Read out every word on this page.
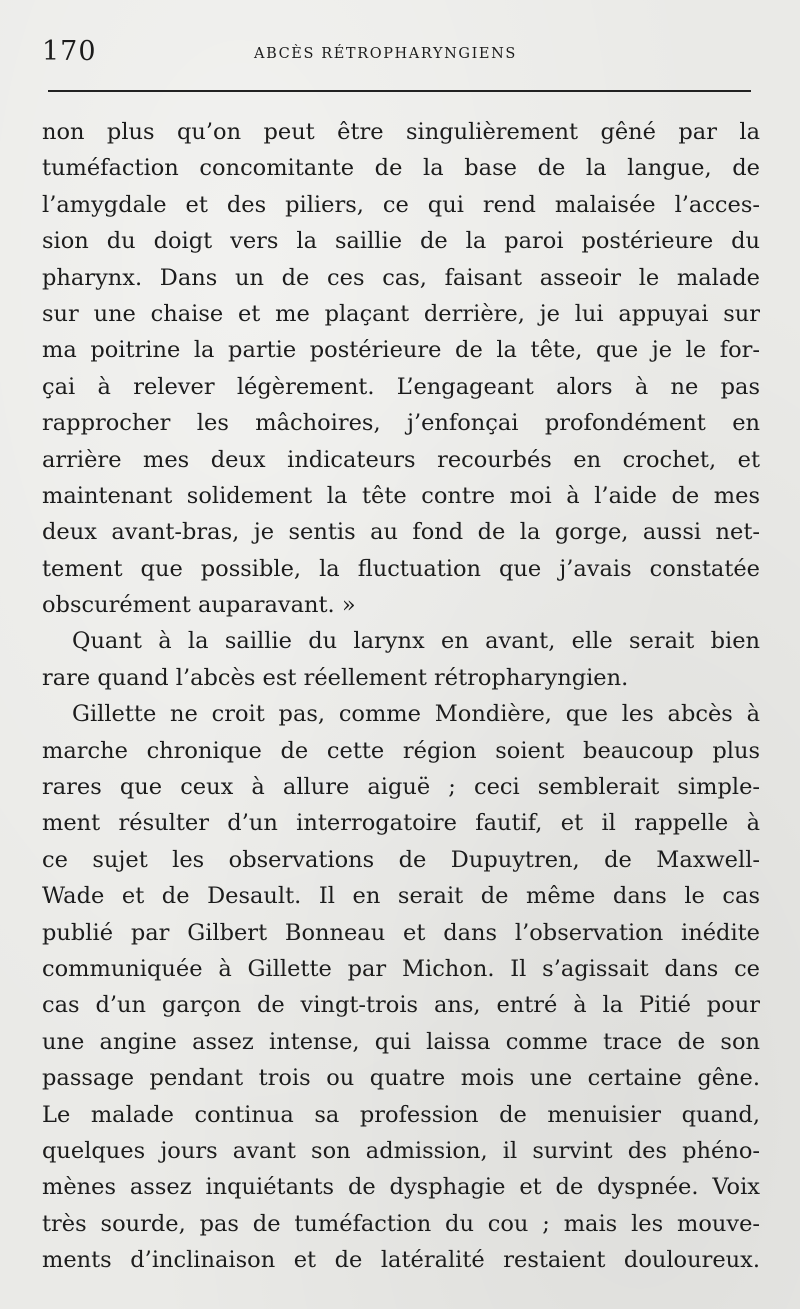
170	ABCÈS RÉTROPHARYNGIENS
non plus qu’on peut être singulièrement gêné par la
tuméfaction concomitante de la base de la langue, de
l’amygdale et des piliers, ce qui rend malaisée l’acces-
sion du doigt vers la saillie de la paroi postérieure du
pharynx. Dans un de ces cas, faisant asseoir le malade
sur une chaise et me plaçant derrière, je lui appuyai sur
ma poitrine la partie postérieure de la tête, que je le for-
çai à relever légèrement. L’engageant alors à ne pas
rapprocher les mâchoires, j’enfonçai profondément en
arrière mes deux indicateurs recourbés en crochet, et
maintenant solidement la tête contre moi à l’aide de mes
deux avant-bras, je sentis au fond de la gorge, aussi net-
tement que possible, la fluctuation que j’avais constatée
obscurément auparavant. »
Quant à la saillie du larynx en avant, elle serait bien
rare quand l’abcès est réellement rétropharyngien.
Gillette ne croit pas, comme Mondière, que les abcès à
marche chronique de cette région soient beaucoup plus
rares que ceux à allure aiguë ; ceci semblerait simple-
ment résulter d’un interrogatoire fautif, et il rappelle à
ce sujet les observations de Dupuytren, de Maxwell-
Wade et de Desault. Il en serait de même dans le cas
publié par Gilbert Bonneau et dans l’observation inédite
communiquée à Gillette par Michon. Il s’agissait dans ce
cas d’un garçon de vingt-trois ans, entré à la Pitié pour
une angine assez intense, qui laissa comme trace de son
passage pendant trois ou quatre mois une certaine gêne.
Le malade continua sa profession de menuisier quand,
quelques jours avant son admission, il survint des phéno-
mènes assez inquiétants de dysphagie et de dyspnée. Voix
très sourde, pas de tuméfaction du cou ; mais les mouve-
ments d’inclinaison et de latéralité restaient douloureux.
